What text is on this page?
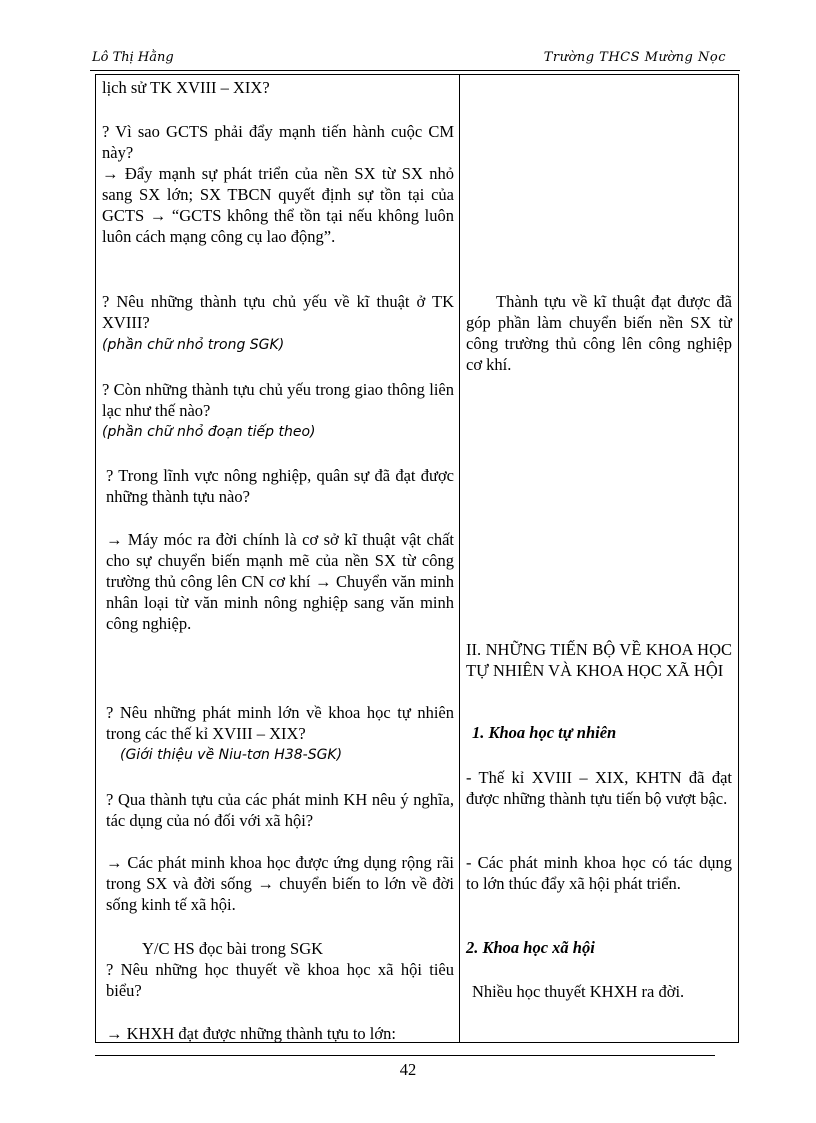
Lô Thị Hằng	Trường THCS Mường Nọc
lịch sử TK XVIII – XIX?
? Vì sao GCTS phải đẩy mạnh tiến hành cuộc CM này?
→ Đẩy mạnh sự phát triển của nền SX từ SX nhỏ sang SX lớn; SX TBCN quyết định sự tồn tại của GCTS → “GCTS không thể tồn tại nếu không luôn luôn cách mạng công cụ lao động”.
? Nêu những thành tựu chủ yếu về kĩ thuật ở TK XVIII?
(phần chữ nhỏ trong SGK)
? Còn những thành tựu chủ yếu trong giao thông liên lạc như thế nào?
(phần chữ nhỏ đoạn tiếp theo)
? Trong lĩnh vực nông nghiệp, quân sự đã đạt được những thành tựu nào?
→ Máy móc ra đời chính là cơ sở kĩ thuật vật chất cho sự chuyển biến mạnh mẽ của nền SX từ công trường thủ công lên CN cơ khí → Chuyển văn minh nhân loại từ văn minh nông nghiệp sang văn minh công nghiệp.
? Nêu những phát minh lớn về khoa học tự nhiên trong các thế kỉ XVIII – XIX?
(Giới thiệu về Niu-tơn H38-SGK)
? Qua thành tựu của các phát minh KH nêu ý nghĩa, tác dụng của nó đối với xã hội?
→ Các phát minh khoa học được ứng dụng rộng rãi trong SX và đời sống → chuyển biến to lớn về đời sống kinh tế xã hội.
Y/C HS đọc bài trong SGK
? Nêu những học thuyết về khoa học xã hội tiêu biểu?
→ KHXH đạt được những thành tựu to lớn:
Thành tựu về kĩ thuật đạt được đã góp phần làm chuyển biến nền SX từ công trường thủ công lên công nghiệp cơ khí.
II. NHỮNG TIẾN BỘ VỀ KHOA HỌC TỰ NHIÊN VÀ KHOA HỌC XÃ HỘI
1. Khoa học tự nhiên
- Thế kỉ XVIII – XIX, KHTN đã đạt được những thành tựu tiến bộ vượt bậc.
- Các phát minh khoa học có tác dụng to lớn thúc đẩy xã hội phát triển.
2. Khoa học xã hội
Nhiều học thuyết KHXH ra đời.
42
